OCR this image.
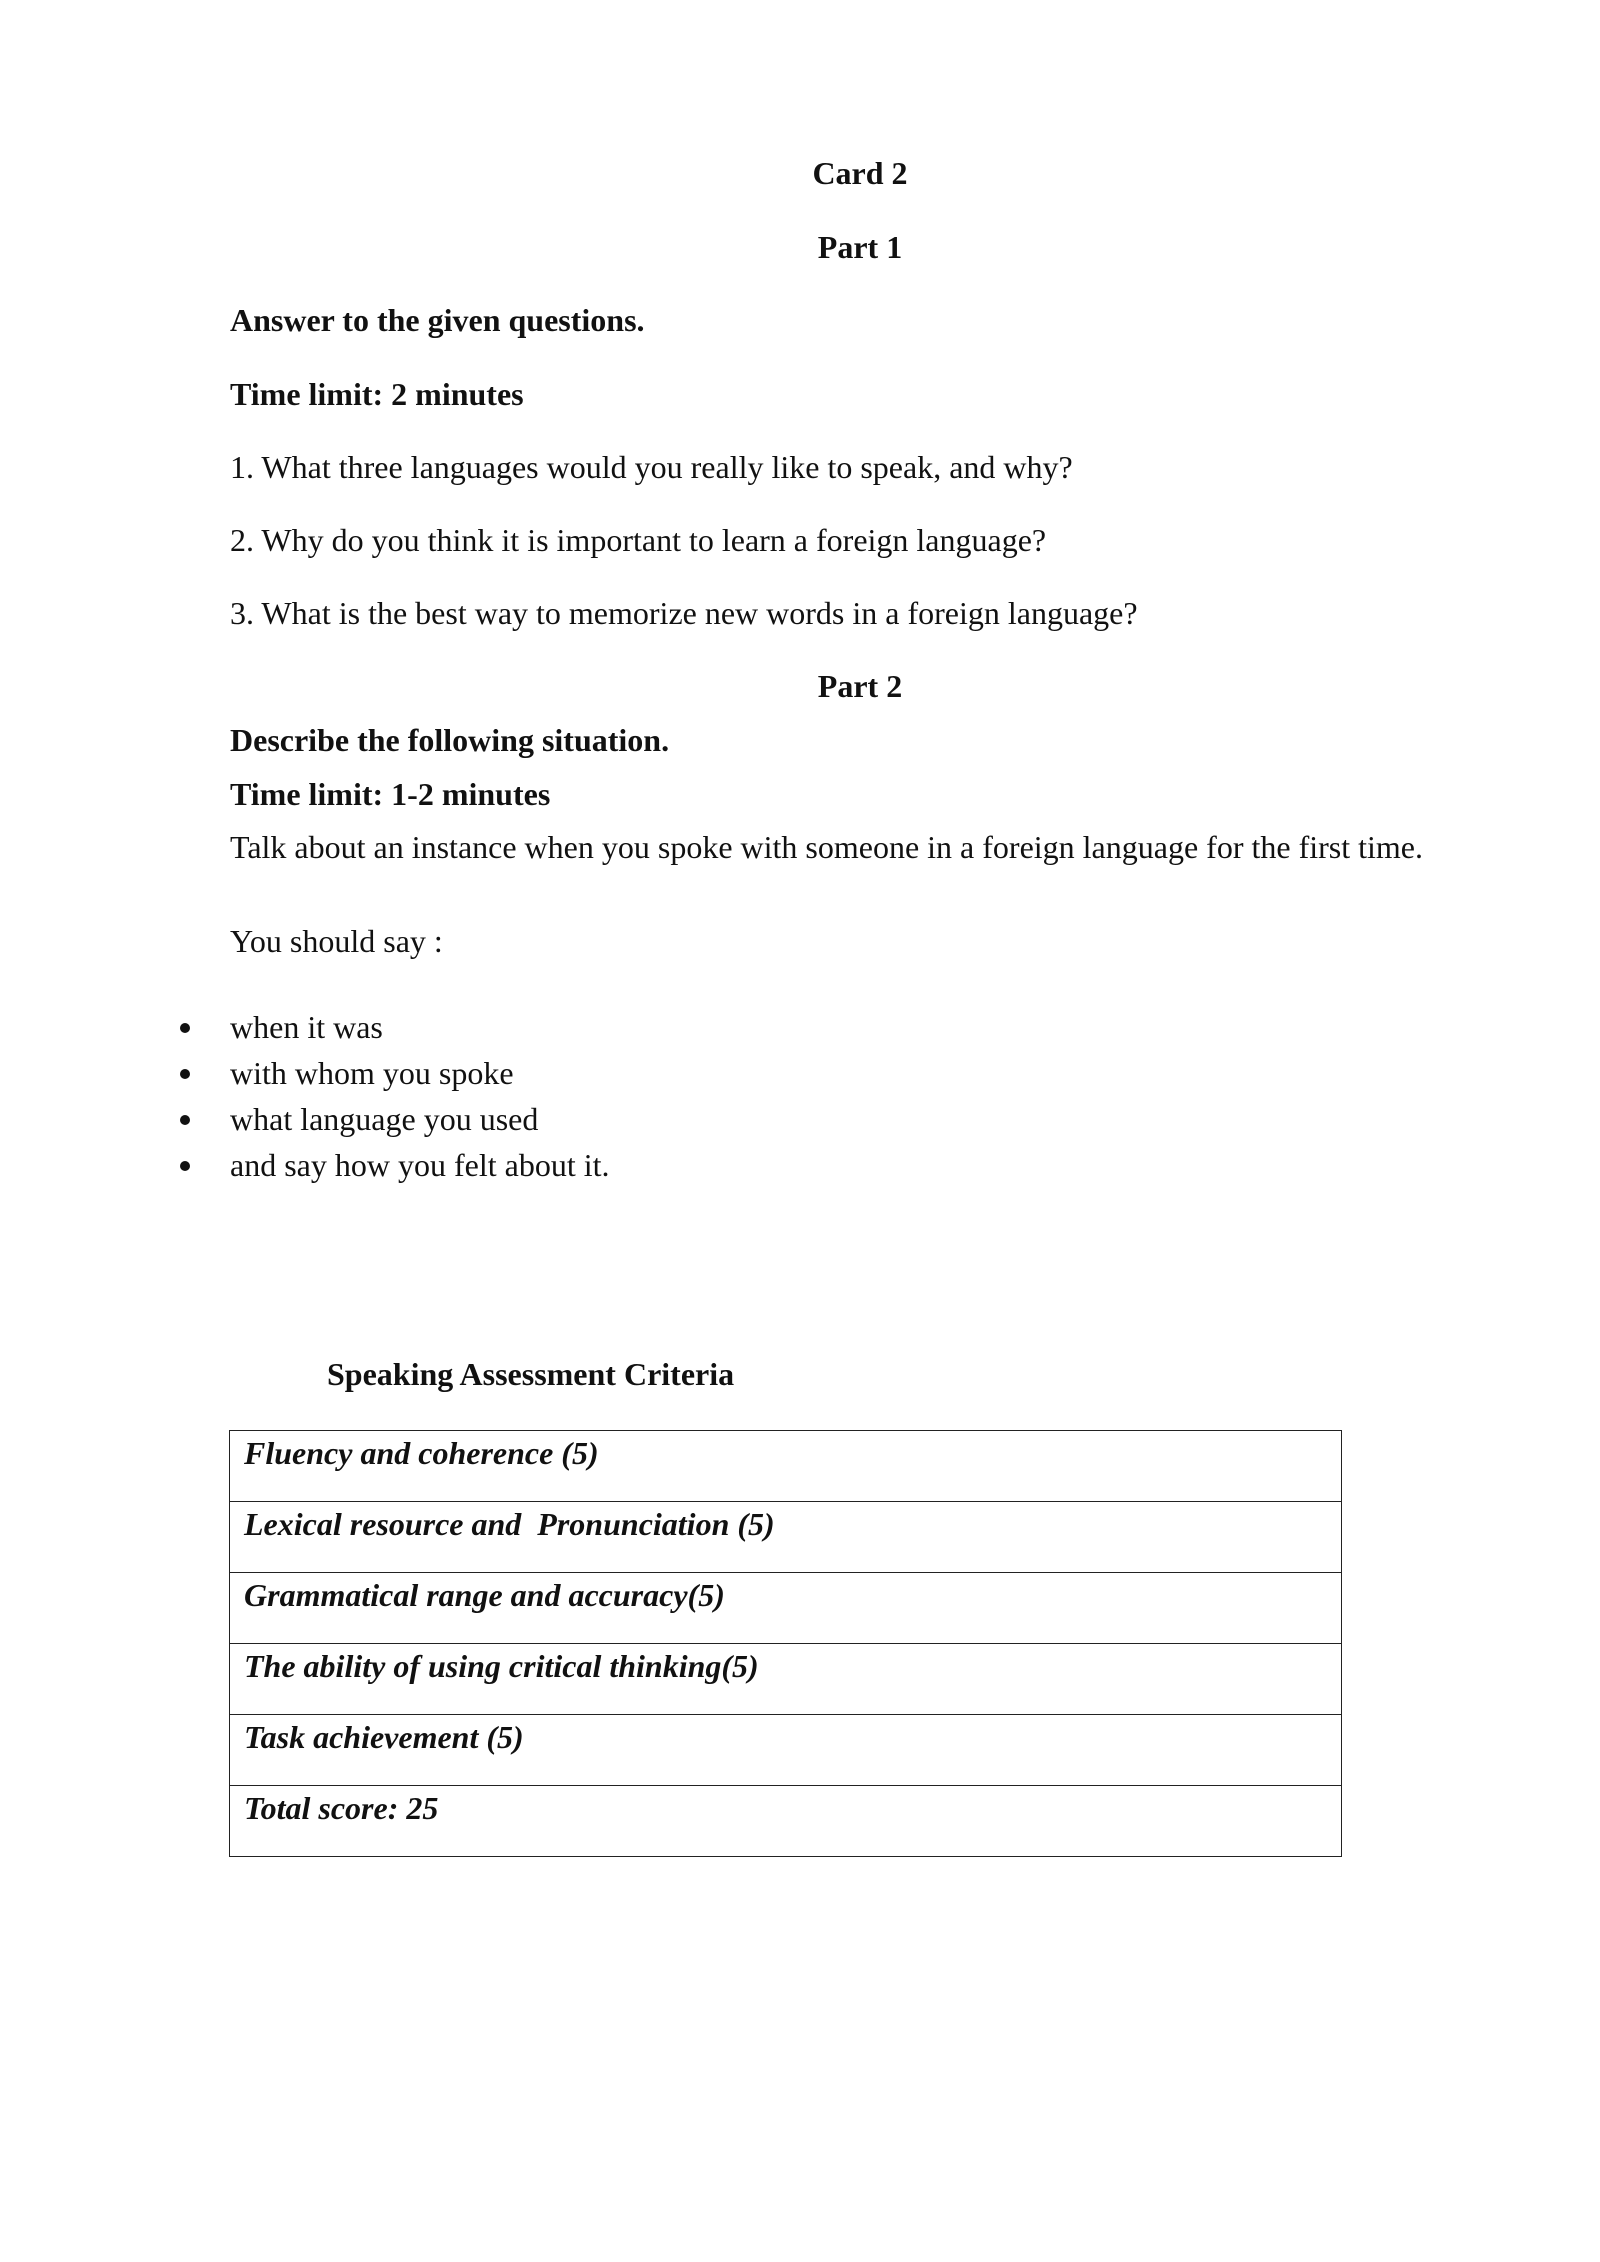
Card 2

Part 1

Answer to the given questions.

Time limit: 2 minutes

1. What three languages would you really like to speak, and why?

2. Why do you think it is important to learn a foreign language?

3. What is the best way to memorize new words in a foreign language?

Part 2

Describe the following situation.

Time limit: 1-2 minutes

Talk about an instance when you spoke with someone in a foreign language for the first time.

You should say :

when it was
with whom you spoke
what language you used
and say how you felt about it.

Speaking Assessment Criteria

Fluency and coherence (5)

Lexical resource and  Pronunciation (5)

Grammatical range and accuracy(5)

The ability of using critical thinking(5)

Task achievement (5)

Total score: 25
